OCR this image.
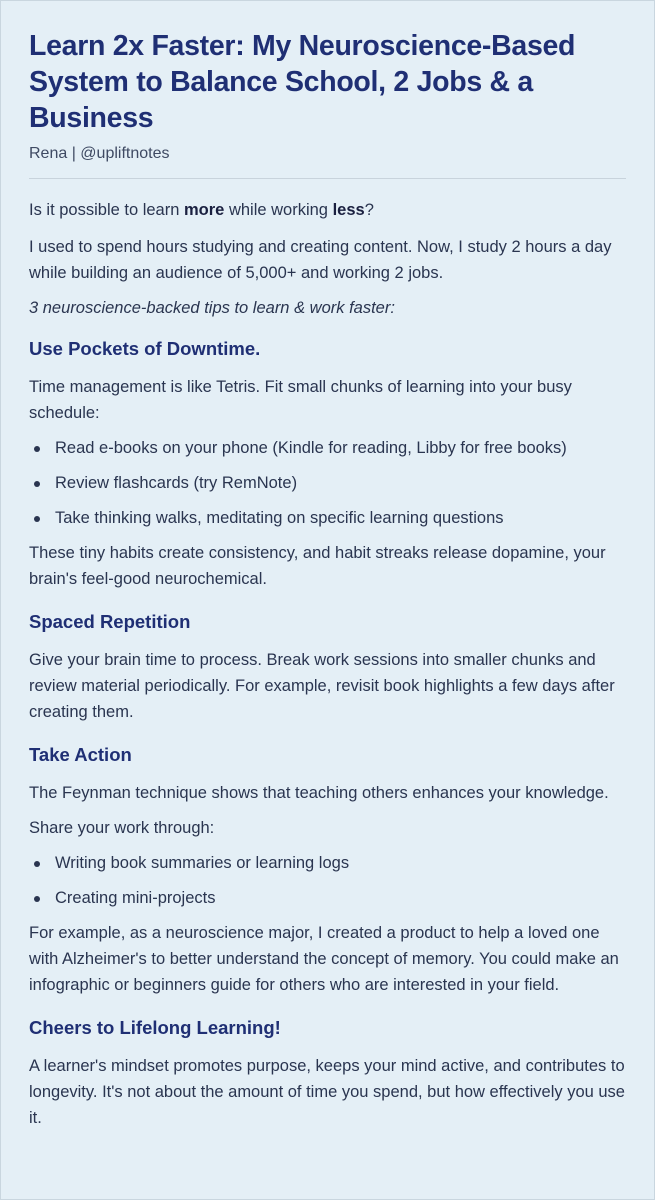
Learn 2x Faster: My Neuroscience-Based System to Balance School, 2 Jobs & a Business

Rena | @upliftnotes

Is it possible to learn more while working less?

I used to spend hours studying and creating content. Now, I study 2 hours a day while building an audience of 5,000+ and working 2 jobs.

3 neuroscience-backed tips to learn & work faster:

Use Pockets of Downtime.

Time management is like Tetris. Fit small chunks of learning into your busy schedule:

Read e-books on your phone (Kindle for reading, Libby for free books)
Review flashcards (try RemNote)
Take thinking walks, meditating on specific learning questions

These tiny habits create consistency, and habit streaks release dopamine, your brain's feel-good neurochemical.

Spaced Repetition

Give your brain time to process. Break work sessions into smaller chunks and review material periodically. For example, revisit book highlights a few days after creating them.

Take Action

The Feynman technique shows that teaching others enhances your knowledge.

Share your work through:

Writing book summaries or learning logs
Creating mini-projects

For example, as a neuroscience major, I created a product to help a loved one with Alzheimer's to better understand the concept of memory. You could make an infographic or beginners guide for others who are interested in your field.

Cheers to Lifelong Learning!

A learner's mindset promotes purpose, keeps your mind active, and contributes to longevity. It's not about the amount of time you spend, but how effectively you use it.
